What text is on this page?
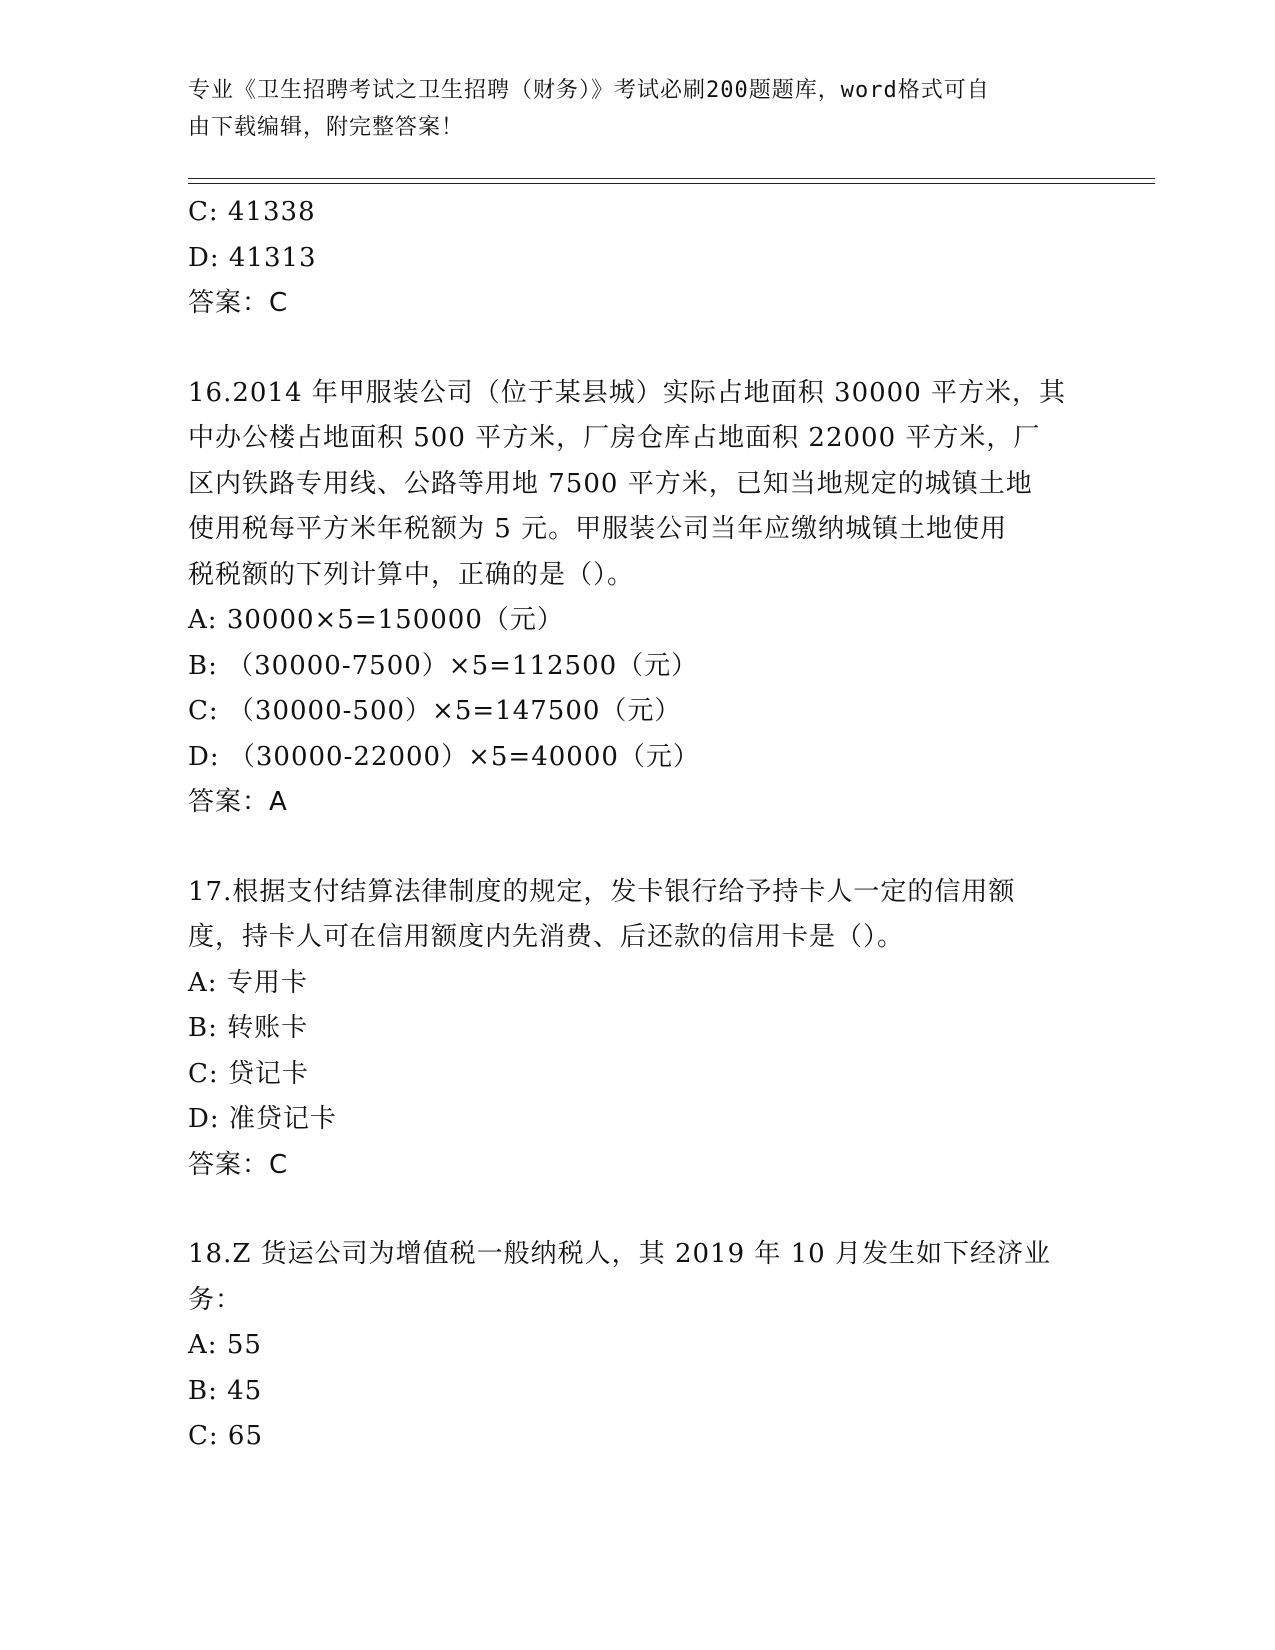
专业《卫生招聘考试之卫生招聘（财务）》考试必刷200题题库，word格式可自
由下载编辑，附完整答案！
C: 41338
D: 41313
答案：C
16.2014 年甲服装公司（位于某县城）实际占地面积 30000 平方米，其
中办公楼占地面积 500 平方米，厂房仓库占地面积 22000 平方米，厂
区内铁路专用线、公路等用地 7500 平方米，已知当地规定的城镇土地
使用税每平方米年税额为 5 元。甲服装公司当年应缴纳城镇土地使用
税税额的下列计算中，正确的是（）。
A: 30000×5=150000（元）
B: （30000-7500）×5=112500（元）
C: （30000-500）×5=147500（元）
D: （30000-22000）×5=40000（元）
答案：A
17.根据支付结算法律制度的规定，发卡银行给予持卡人一定的信用额
度，持卡人可在信用额度内先消费、后还款的信用卡是（）。
A: 专用卡
B: 转账卡
C: 贷记卡
D: 准贷记卡
答案：C
18.Z 货运公司为增值税一般纳税人，其 2019 年 10 月发生如下经济业
务：
A: 55
B: 45
C: 65
